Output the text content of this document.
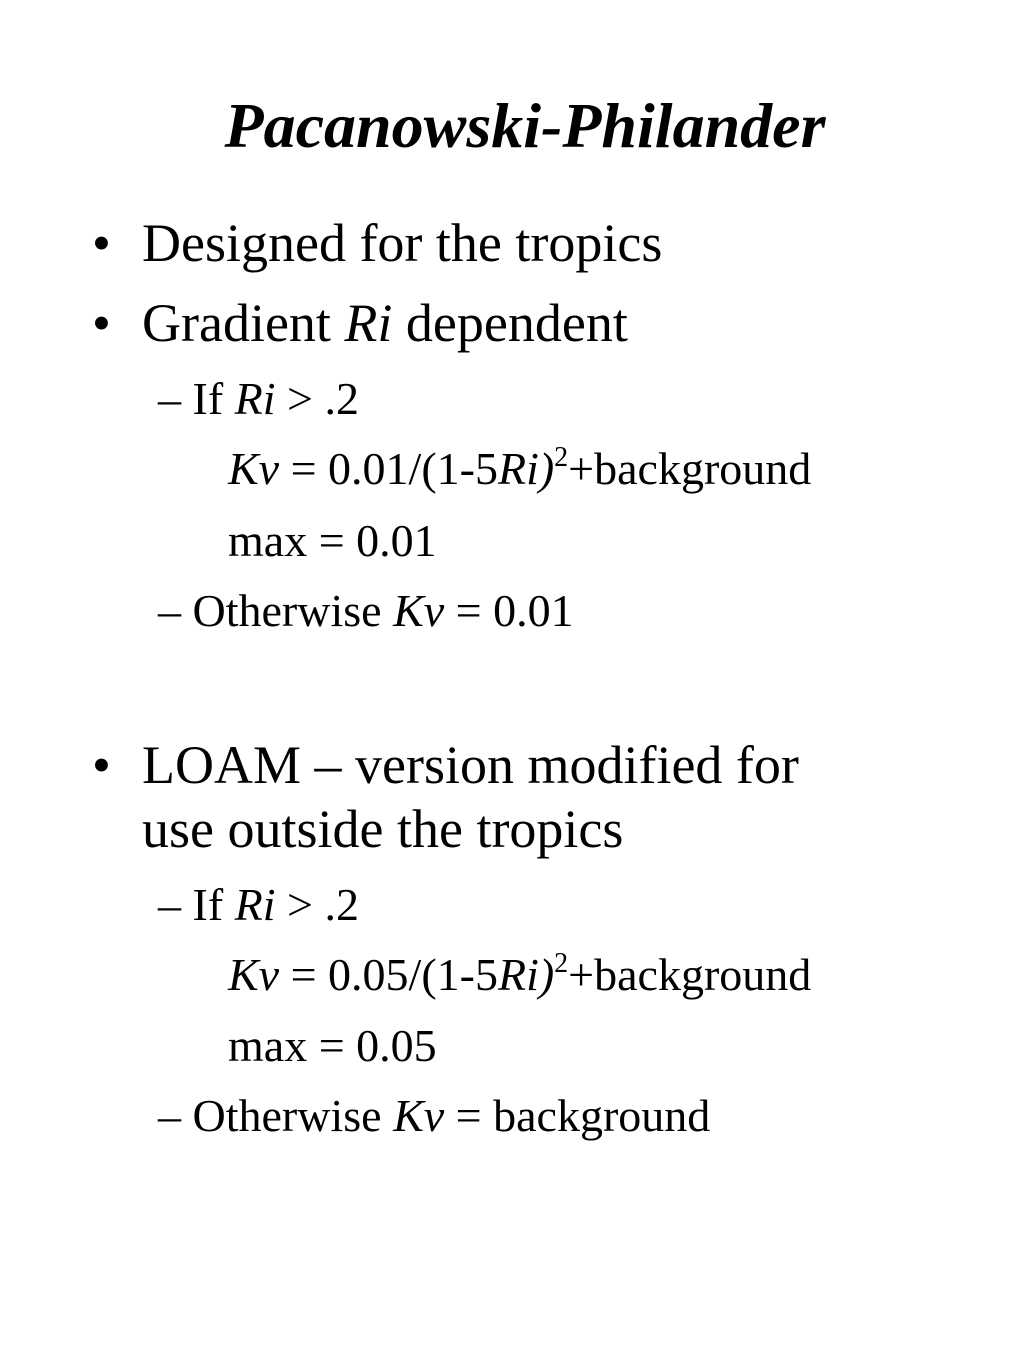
Pacanowski-Philander
• Designed for the tropics
• Gradient Ri dependent
– If Ri > .2
$Kv = 0.01/(1-5Ri)^2+background$
max = 0.01
– Otherwise Kv = 0.01
• LOAM – version modified for
use outside the tropics
– If Ri > .2
$Kv = 0.05/(1-5Ri)^2+background$
max = 0.05
– Otherwise Kv = background
